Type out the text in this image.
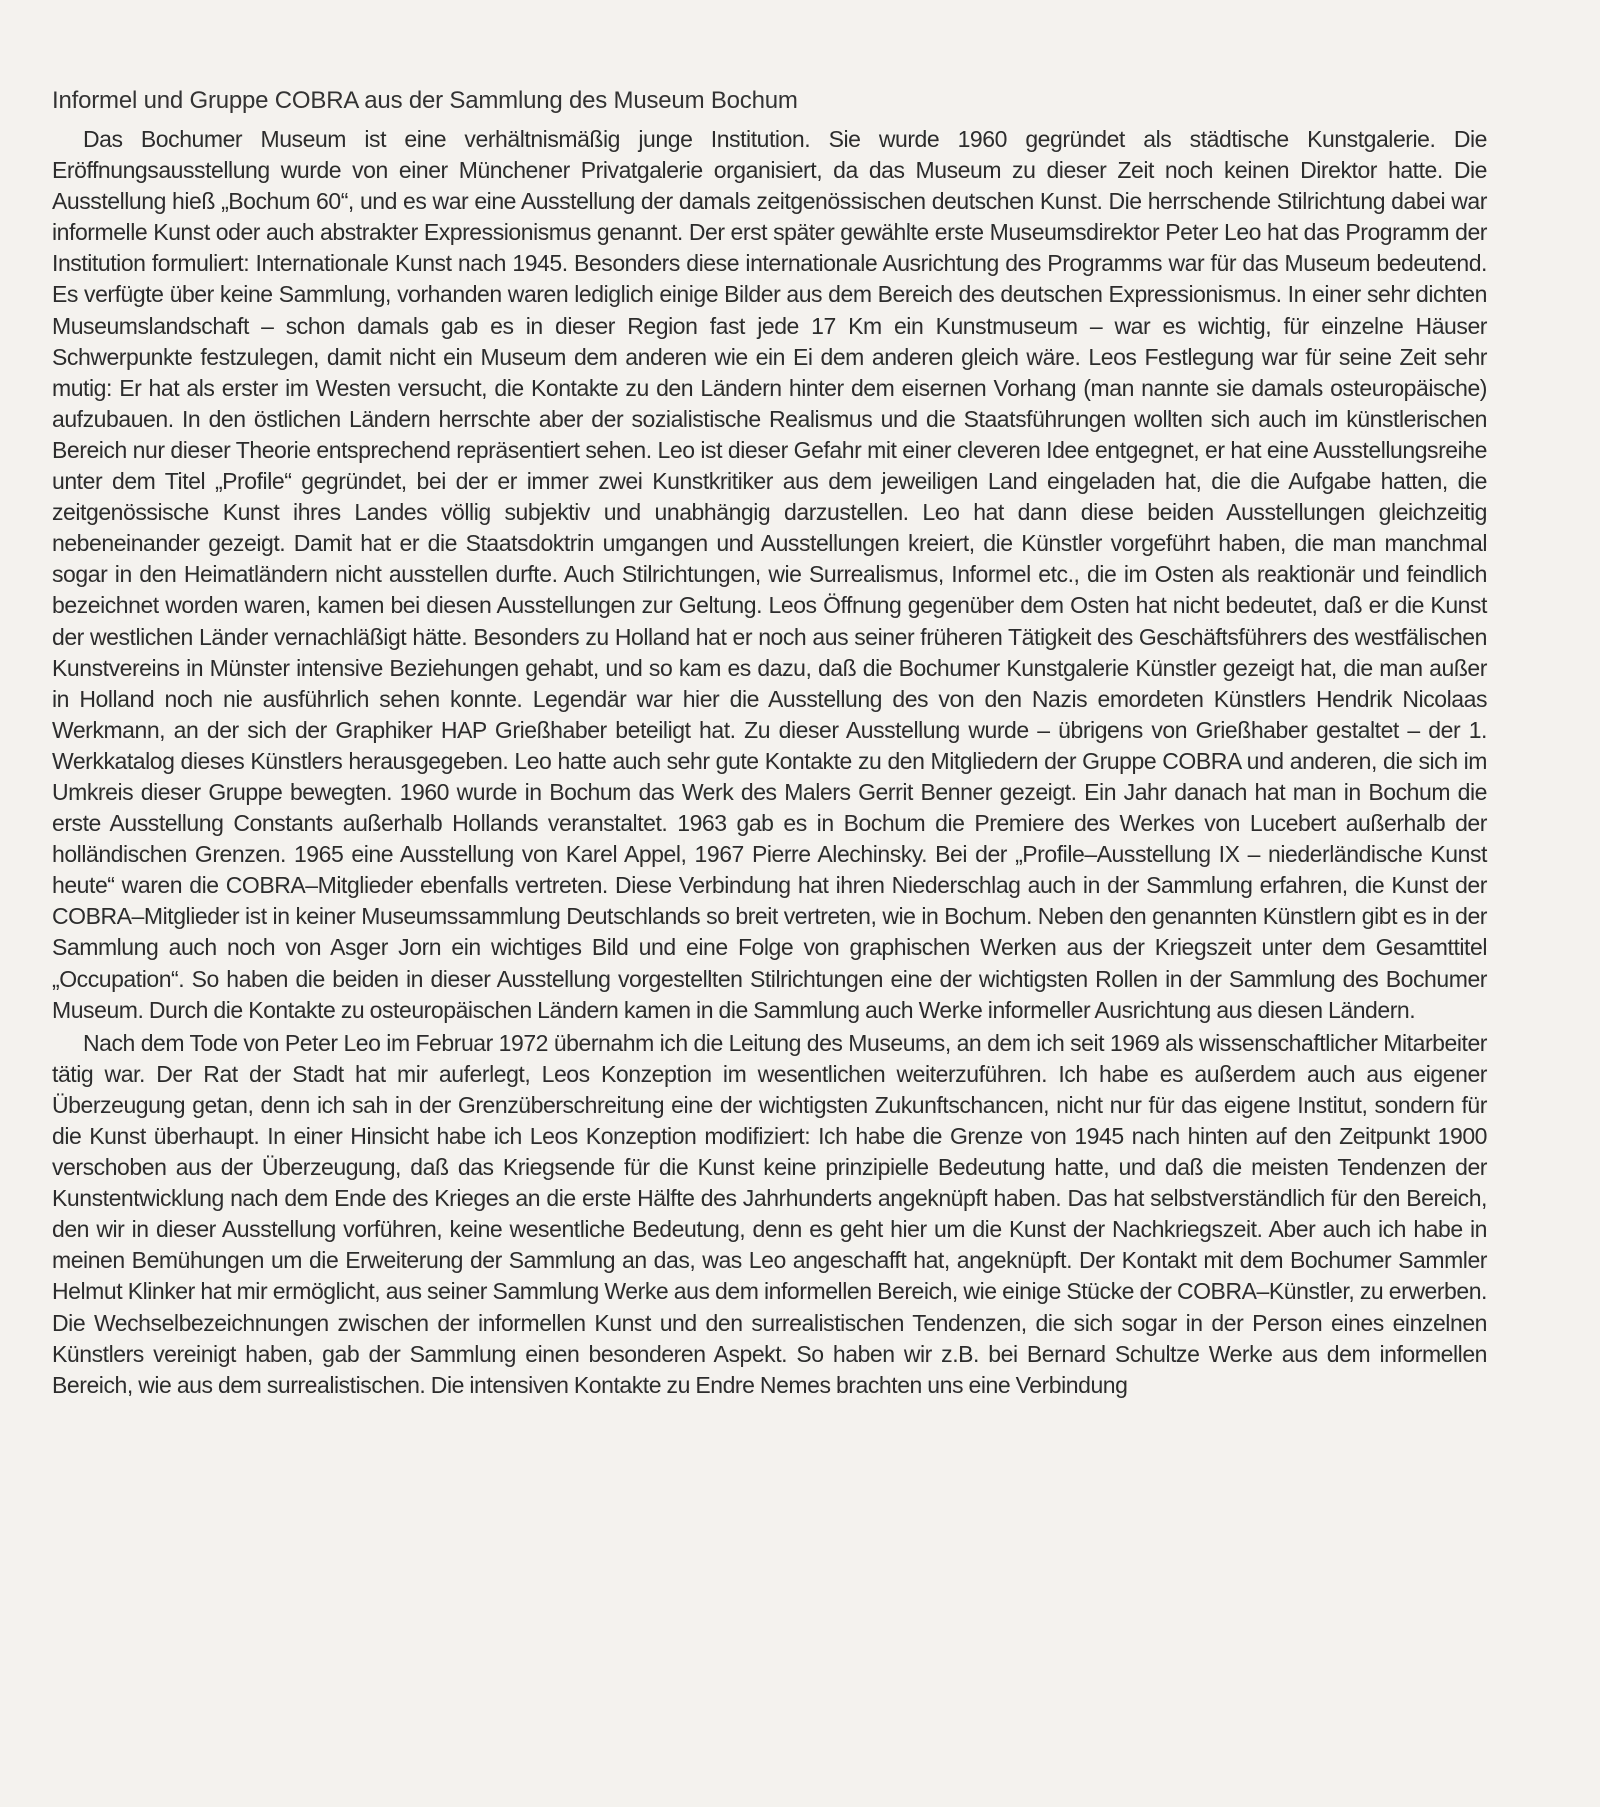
Informel und Gruppe COBRA aus der Sammlung des Museum Bochum

Das Bochumer Museum ist eine verhältnismäßig junge Institution. Sie wurde 1960 gegründet als städtische Kunstgalerie. Die Eröffnungsausstellung wurde von einer Münchener Privatgalerie organisiert, da das Museum zu dieser Zeit noch keinen Direktor hatte. Die Ausstellung hieß „Bochum 60“, und es war eine Ausstellung der damals zeitgenössischen deutschen Kunst. Die herrschende Stilrichtung dabei war informelle Kunst oder auch abstrakter Expressionismus genannt. Der erst später gewählte erste Museumsdirektor Peter Leo hat das Programm der Institution formuliert: Internationale Kunst nach 1945. Besonders diese internationale Ausrichtung des Programms war für das Museum bedeutend. Es verfügte über keine Sammlung, vorhanden waren lediglich einige Bilder aus dem Bereich des deutschen Expressionismus. In einer sehr dichten Museumslandschaft – schon damals gab es in dieser Region fast jede 17 Km ein Kunstmuseum – war es wichtig, für einzelne Häuser Schwerpunkte festzulegen, damit nicht ein Museum dem anderen wie ein Ei dem anderen gleich wäre. Leos Festlegung war für seine Zeit sehr mutig: Er hat als erster im Westen versucht, die Kontakte zu den Ländern hinter dem eisernen Vorhang (man nannte sie damals osteuropäische) aufzubauen. In den östlichen Ländern herrschte aber der sozialistische Realismus und die Staatsführungen wollten sich auch im künstlerischen Bereich nur dieser Theorie entsprechend repräsentiert sehen. Leo ist dieser Gefahr mit einer cleveren Idee entgegnet, er hat eine Ausstellungsreihe unter dem Titel „Profile“ gegründet, bei der er immer zwei Kunstkritiker aus dem jeweiligen Land eingeladen hat, die die Aufgabe hatten, die zeitgenössische Kunst ihres Landes völlig subjektiv und unabhängig darzustellen. Leo hat dann diese beiden Ausstellungen gleichzeitig nebeneinander gezeigt. Damit hat er die Staatsdoktrin umgangen und Ausstellungen kreiert, die Künstler vorgeführt haben, die man manchmal sogar in den Heimatländern nicht ausstellen durfte. Auch Stilrichtungen, wie Surrealismus, Informel etc., die im Osten als reaktionär und feindlich bezeichnet worden waren, kamen bei diesen Ausstellungen zur Geltung. Leos Öffnung gegenüber dem Osten hat nicht bedeutet, daß er die Kunst der westlichen Länder vernachläßigt hätte. Besonders zu Holland hat er noch aus seiner früheren Tätigkeit des Geschäftsführers des westfälischen Kunstvereins in Münster intensive Beziehungen gehabt, und so kam es dazu, daß die Bochumer Kunstgalerie Künstler gezeigt hat, die man außer in Holland noch nie ausführlich sehen konnte. Legendär war hier die Ausstellung des von den Nazis emordeten Künstlers Hendrik Nicolaas Werkmann, an der sich der Graphiker HAP Grießhaber beteiligt hat. Zu dieser Ausstellung wurde – übrigens von Grießhaber gestaltet – der 1. Werkkatalog dieses Künstlers herausgegeben. Leo hatte auch sehr gute Kontakte zu den Mitgliedern der Gruppe COBRA und anderen, die sich im Umkreis dieser Gruppe bewegten. 1960 wurde in Bochum das Werk des Malers Gerrit Benner gezeigt. Ein Jahr danach hat man in Bochum die erste Ausstellung Constants außerhalb Hollands veranstaltet. 1963 gab es in Bochum die Premiere des Werkes von Lucebert außerhalb der holländischen Grenzen. 1965 eine Ausstellung von Karel Appel, 1967 Pierre Alechinsky. Bei der „Profile–Ausstellung IX – niederländische Kunst heute“ waren die COBRA–Mitglieder ebenfalls vertreten. Diese Verbindung hat ihren Niederschlag auch in der Sammlung erfahren, die Kunst der COBRA–Mitglieder ist in keiner Museumssammlung Deutschlands so breit vertreten, wie in Bochum. Neben den genannten Künstlern gibt es in der Sammlung auch noch von Asger Jorn ein wichtiges Bild und eine Folge von graphischen Werken aus der Kriegszeit unter dem Gesamttitel „Occupation“. So haben die beiden in dieser Ausstellung vorgestellten Stilrichtungen eine der wichtigsten Rollen in der Sammlung des Bochumer Museum. Durch die Kontakte zu osteuropäischen Ländern kamen in die Sammlung auch Werke informeller Ausrichtung aus diesen Ländern.

Nach dem Tode von Peter Leo im Februar 1972 übernahm ich die Leitung des Museums, an dem ich seit 1969 als wissenschaftlicher Mitarbeiter tätig war. Der Rat der Stadt hat mir auferlegt, Leos Konzeption im wesentlichen weiterzuführen. Ich habe es außerdem auch aus eigener Überzeugung getan, denn ich sah in der Grenzüberschreitung eine der wichtigsten Zukunftschancen, nicht nur für das eigene Institut, sondern für die Kunst überhaupt. In einer Hinsicht habe ich Leos Konzeption modifiziert: Ich habe die Grenze von 1945 nach hinten auf den Zeitpunkt 1900 verschoben aus der Überzeugung, daß das Kriegsende für die Kunst keine prinzipielle Bedeutung hatte, und daß die meisten Tendenzen der Kunstentwicklung nach dem Ende des Krieges an die erste Hälfte des Jahrhunderts angeknüpft haben. Das hat selbstverständlich für den Bereich, den wir in dieser Ausstellung vorführen, keine wesentliche Bedeutung, denn es geht hier um die Kunst der Nachkriegszeit. Aber auch ich habe in meinen Bemühungen um die Erweiterung der Sammlung an das, was Leo angeschafft hat, angeknüpft. Der Kontakt mit dem Bochumer Sammler Helmut Klinker hat mir ermöglicht, aus seiner Sammlung Werke aus dem informellen Bereich, wie einige Stücke der COBRA–Künstler, zu erwerben. Die Wechselbezeichnungen zwischen der informellen Kunst und den surrealistischen Tendenzen, die sich sogar in der Person eines einzelnen Künstlers vereinigt haben, gab der Sammlung einen besonderen Aspekt. So haben wir z.B. bei Bernard Schultze Werke aus dem informellen Bereich, wie aus dem surrealistischen. Die intensiven Kontakte zu Endre Nemes brachten uns eine Verbindung
